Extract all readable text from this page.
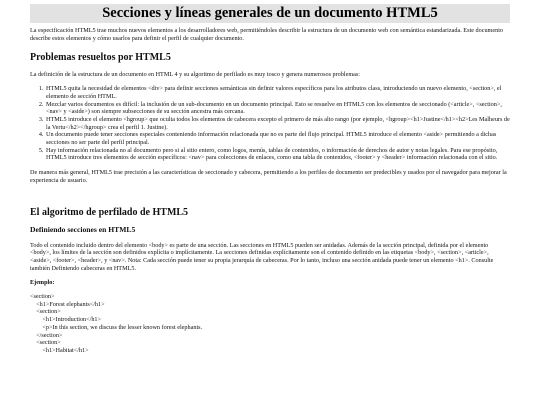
Secciones y líneas generales de un documento HTML5

La especificación HTML5 trae muchos nuevos elementos a los desarrolladores web, permitiéndoles describir la estructura de un documento web con semántica estandarizada. Este documento describe estos elementos y cómo usarlos para definir el perfil de cualquier documento.

Problemas resueltos por HTML5

La definición de la estructura de un documento en HTML 4 y su algoritmo de perfilado es muy tosco y genera numerosos problemas:

1. HTML5 quita la necesidad de elementos <div> para definir secciones semánticas sin definir valores específicos para los atributos class, introduciendo un nuevo elemento, <section>, el elemento de sección HTML.
2. Mezclar varios documentos es difícil: la inclusión de un sub-documento en un documento principal. Esto se resuelve en HTML5 con los elementos de seccionado (<article>, <section>, <nav> y <aside>) son siempre subsecciones de su sección ancestra más cercana.
3. HTML5 introduce el elemento <hgroup> que oculta todos los elementos de cabecera excepto el primero de más alto rango (por ejemplo, <hgroup><h1>Justine</h1><h2>Les Malheurs de la Vertu</h2></hgroup> crea el perfil 1. Justine).
4. Un documento puede tener secciones especiales conteniendo información relacionada que no es parte del flujo principal. HTML5 introduce el elemento <aside> permitiendo a dichas secciones no ser parte del perfil principal.
5. Hay información relacionada no al documento pero si al sitio entero, como logos, menús, tablas de contenidos, o información de derechos de autor y notas legales. Para ese propósito, HTML5 introduce tres elementos de sección específicos: <nav> para colecciones de enlaces, como una tabla de contenidos, <footer> y <header> información relacionada con el sitio.

De manera más general, HTML5 trae precisión a las características de seccionado y cabecera, permitiendo a los perfiles de documento ser predecibles y usados por el navegador para mejorar la experiencia de usuario.

El algoritmo de perfilado de HTML5
Definiendo secciones en HTML5

Todo el contenido incluido dentro del elemento <body> es parte de una sección. Las secciones en HTML5 pueden ser anidadas. Además de la sección principal, definida por el elemento <body>, los límites de la sección son definidos explícita o implícitamente. La secciones definidas explícitamente son el contenido definido en las etiquetas <body>, <section>, <article>, <aside>, <footer>, <header>, y <nav>. Nota: Cada sección puede tener su propia jerarquía de cabeceras. Por lo tanto, incluso una sección anidada puede tener un elemento <h1>. Consulte también Definiendo cabeceras en HTML5.

Ejemplo:

<section>
<h1>Forest elephants</h1>
<section>
<h1>Introduction</h1>
<p>In this section, we discuss the lesser known forest elephants.
</section>
<section>
<h1>Habitat</h1>
